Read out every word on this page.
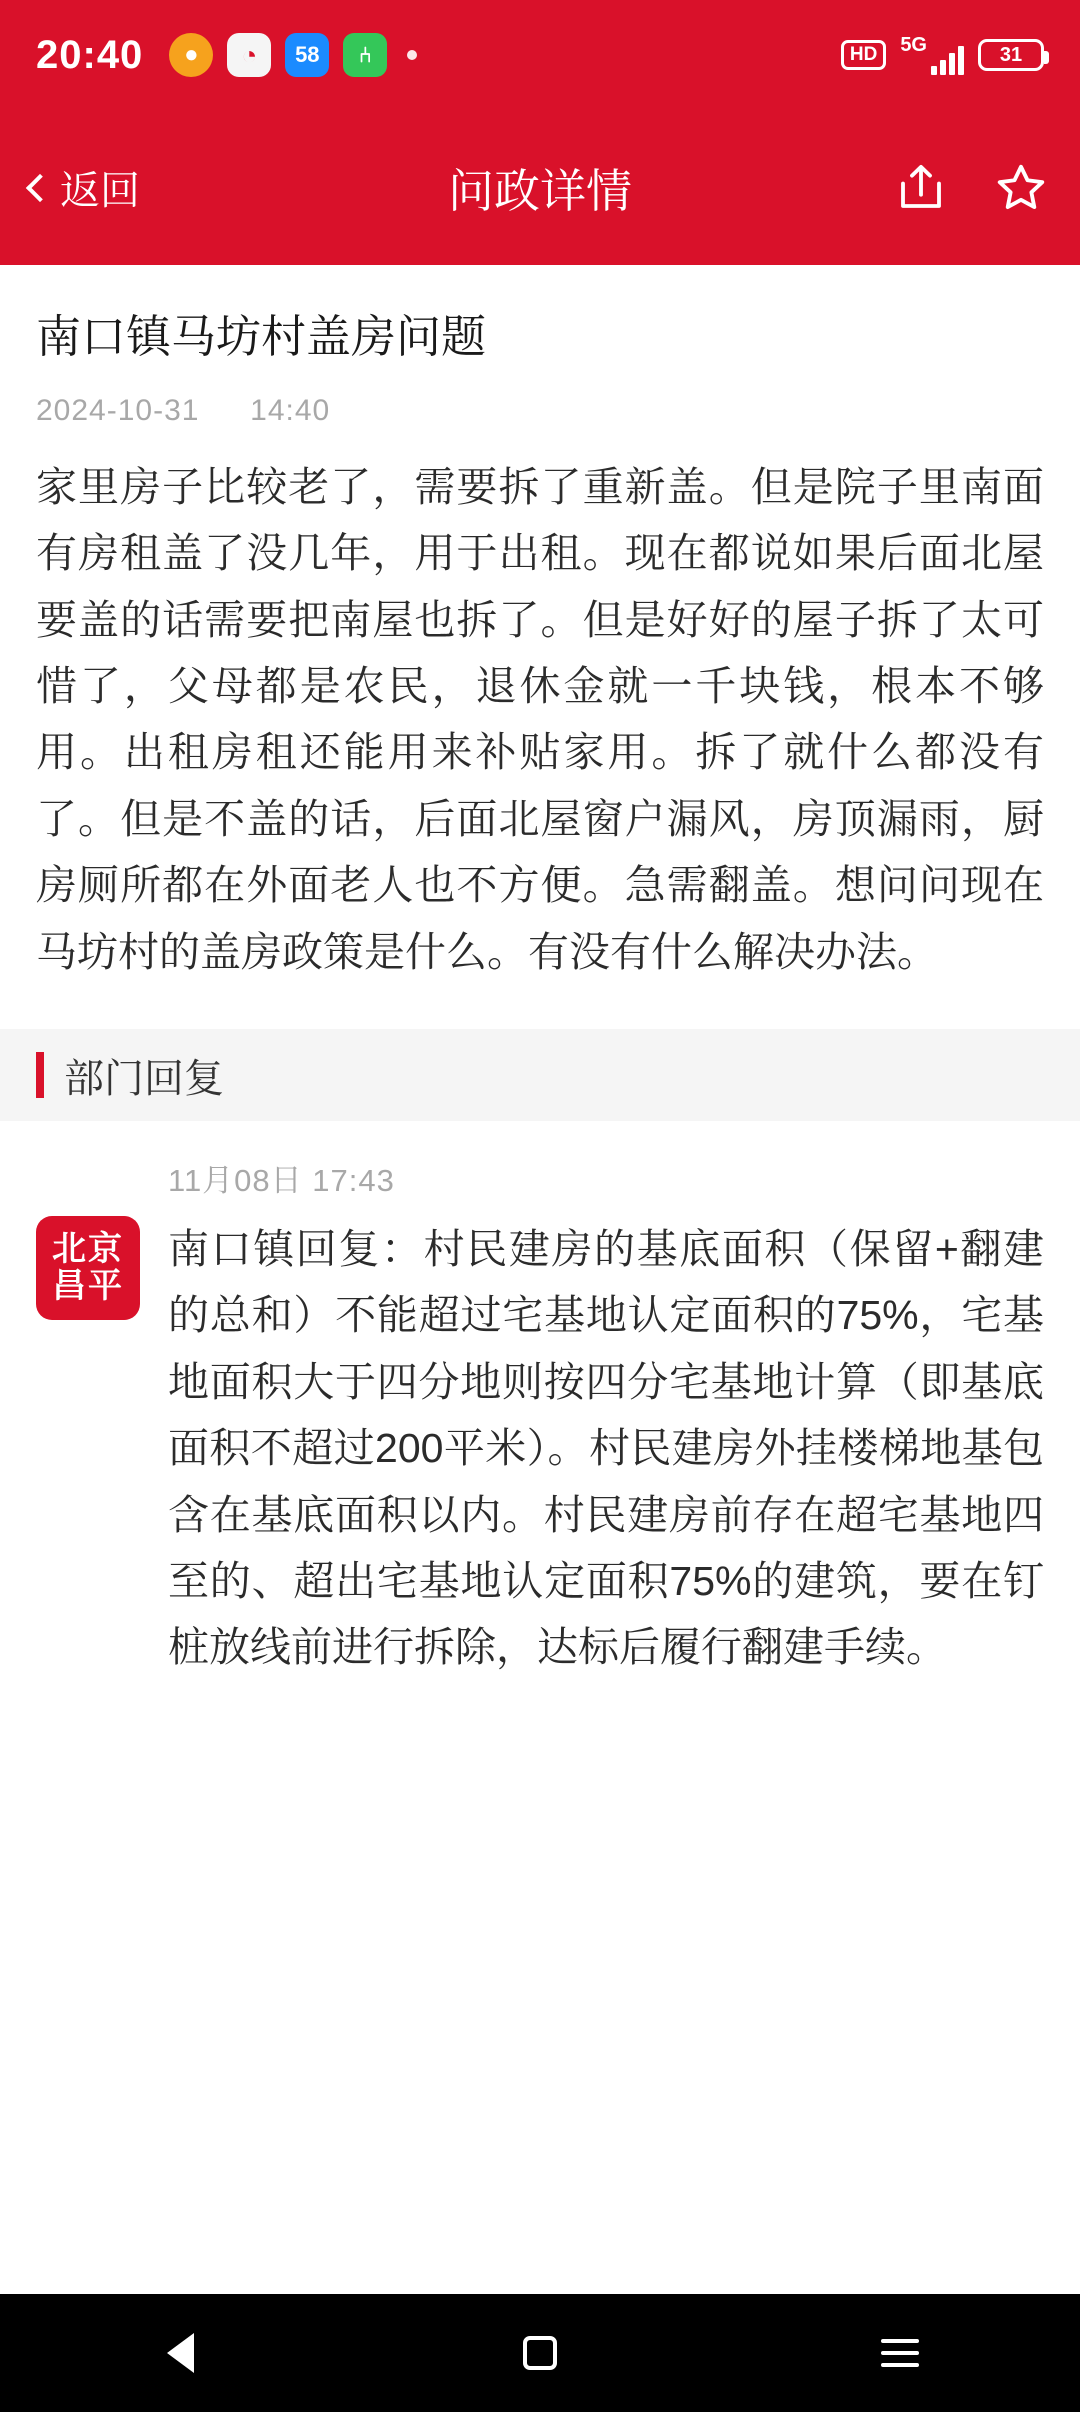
20:40	●	◔	58	⑃	HD	5G	31
返回	问政详情
南口镇马坊村盖房问题
2024-10-31 14:40
家里房子比较老了，需要拆了重新盖。但是院子里南面有房租盖了没几年，用于出租。现在都说如果后面北屋要盖的话需要把南屋也拆了。但是好好的屋子拆了太可惜了，父母都是农民，退休金就一千块钱，根本不够用。出租房租还能用来补贴家用。拆了就什么都没有了。但是不盖的话，后面北屋窗户漏风，房顶漏雨，厨房厕所都在外面老人也不方便。急需翻盖。想问问现在马坊村的盖房政策是什么。有没有什么解决办法。
部门回复
11月08日 17:43
北京
昌平
南口镇回复：村民建房的基底面积（保留+翻建的总和）不能超过宅基地认定面积的75%，宅基地面积大于四分地则按四分宅基地计算（即基底面积不超过200平米）。村民建房外挂楼梯地基包含在基底面积以内。村民建房前存在超宅基地四至的、超出宅基地认定面积75%的建筑，要在钉桩放线前进行拆除，达标后履行翻建手续。
